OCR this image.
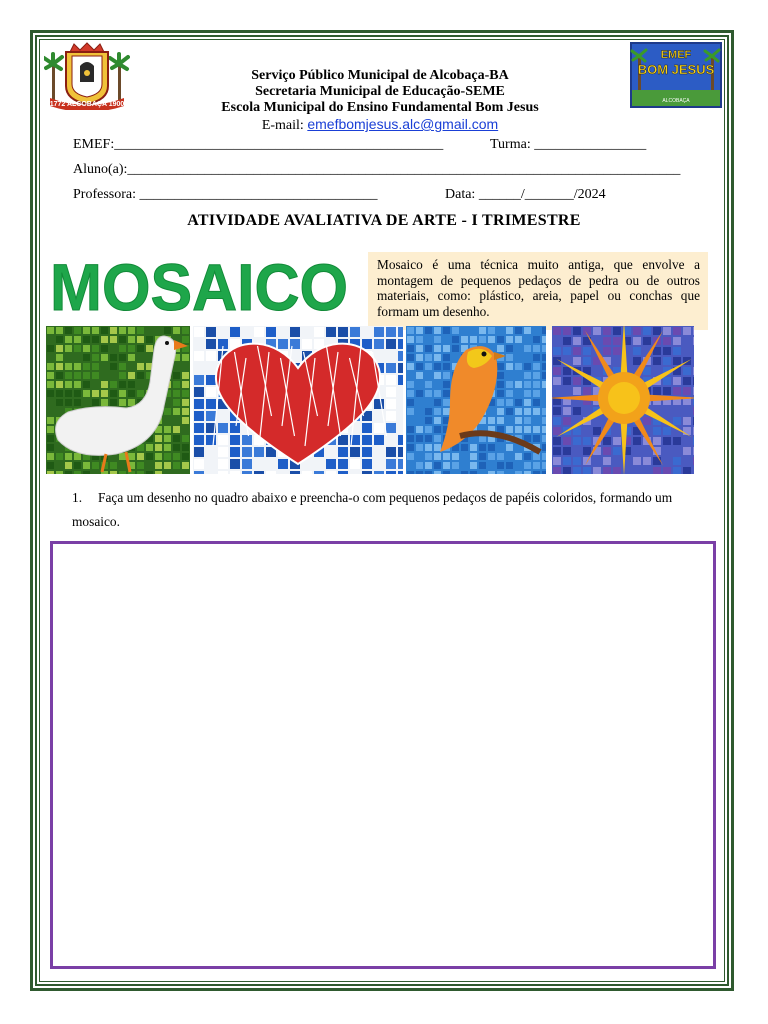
1772 ALCOBAÇA 1900
EMEF
BOM JESUS
ALCOBAÇA
Serviço Público Municipal de Alcobaça-BA
Secretaria Municipal de Educação-SEME
Escola Municipal do Ensino Fundamental Bom Jesus
E-mail: emefbomjesus.alc@gmail.com
EMEF:_______________________________________________	Turma: ________________
Aluno(a):_______________________________________________________________________________
Professora: __________________________________	Data: ______/_______/2024
ATIVIDADE AVALIATIVA DE ARTE - I TRIMESTRE
MOSAICO	Mosaico é uma técnica muito antiga, que envolve a montagem de pequenos pedaços de pedra ou de outros materiais, como: plástico, areia, papel ou conchas que formam um desenho.
1. Faça um desenho no quadro abaixo e preencha-o com pequenos pedaços de papéis coloridos, formando um mosaico.
